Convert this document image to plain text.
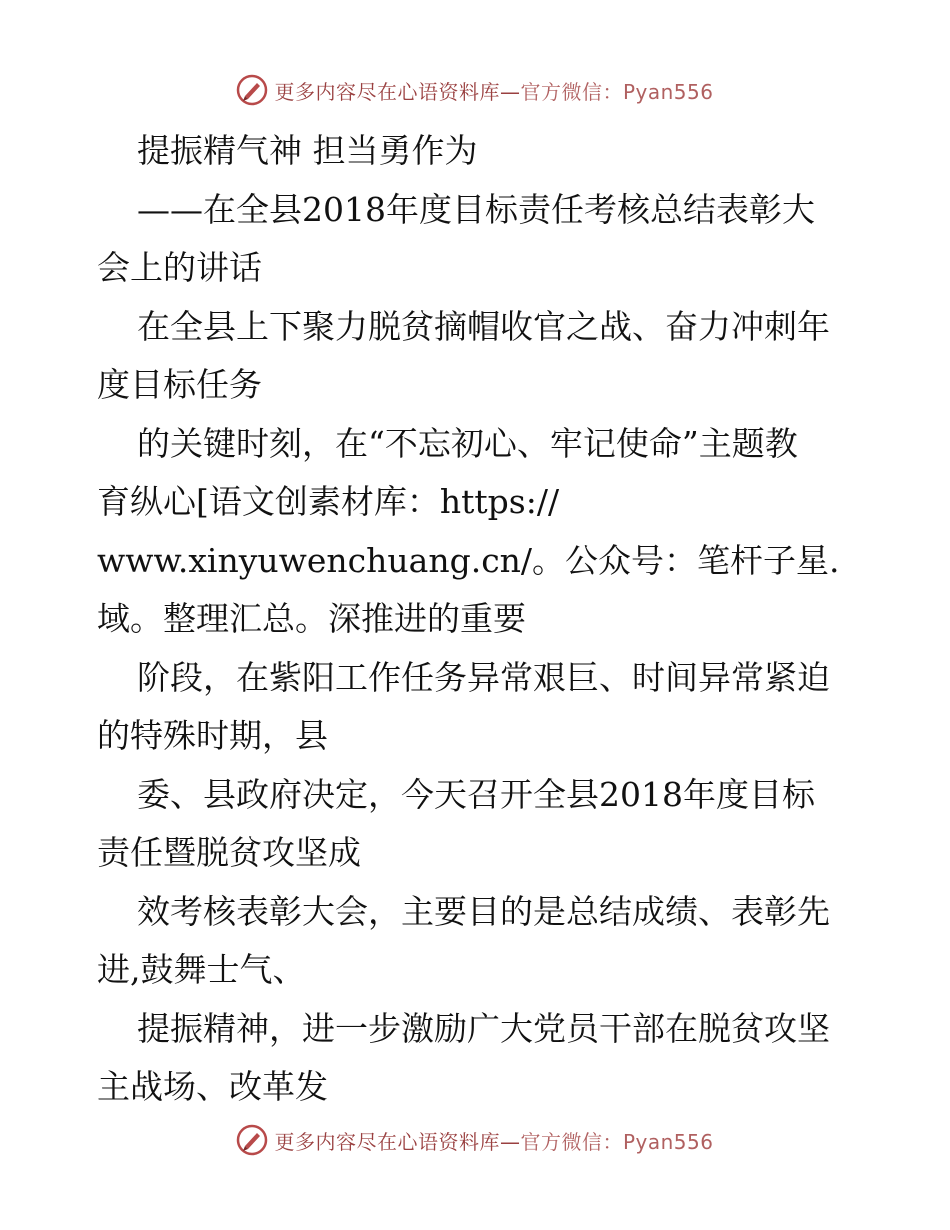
更多内容尽在心语资料库— 官方微信：Pyan556
提振精气神 担当勇作为
——在全县2018年度目标责任考核总结表彰大
会上的讲话
在全县上下聚力脱贫摘帽收官之战、奋力冲刺年
度目标任务
的关键时刻，在“不忘初心、牢记使命”主题教
育纵心[语文创素材库：https://
www.xinyuwenchuang.cn/。公众号：笔杆子星.
域。整理汇总。深推进的重要
阶段，在紫阳工作任务异常艰巨、时间异常紧迫
的特殊时期，县
委、县政府决定，今天召开全县2018年度目标
责任暨脱贫攻坚成
效考核表彰大会，主要目的是总结成绩、表彰先
进,鼓舞士气、
提振精神，进一步激励广大党员干部在脱贫攻坚
主战场、改革发
更多内容尽在心语资料库— 官方微信：Pyan556
